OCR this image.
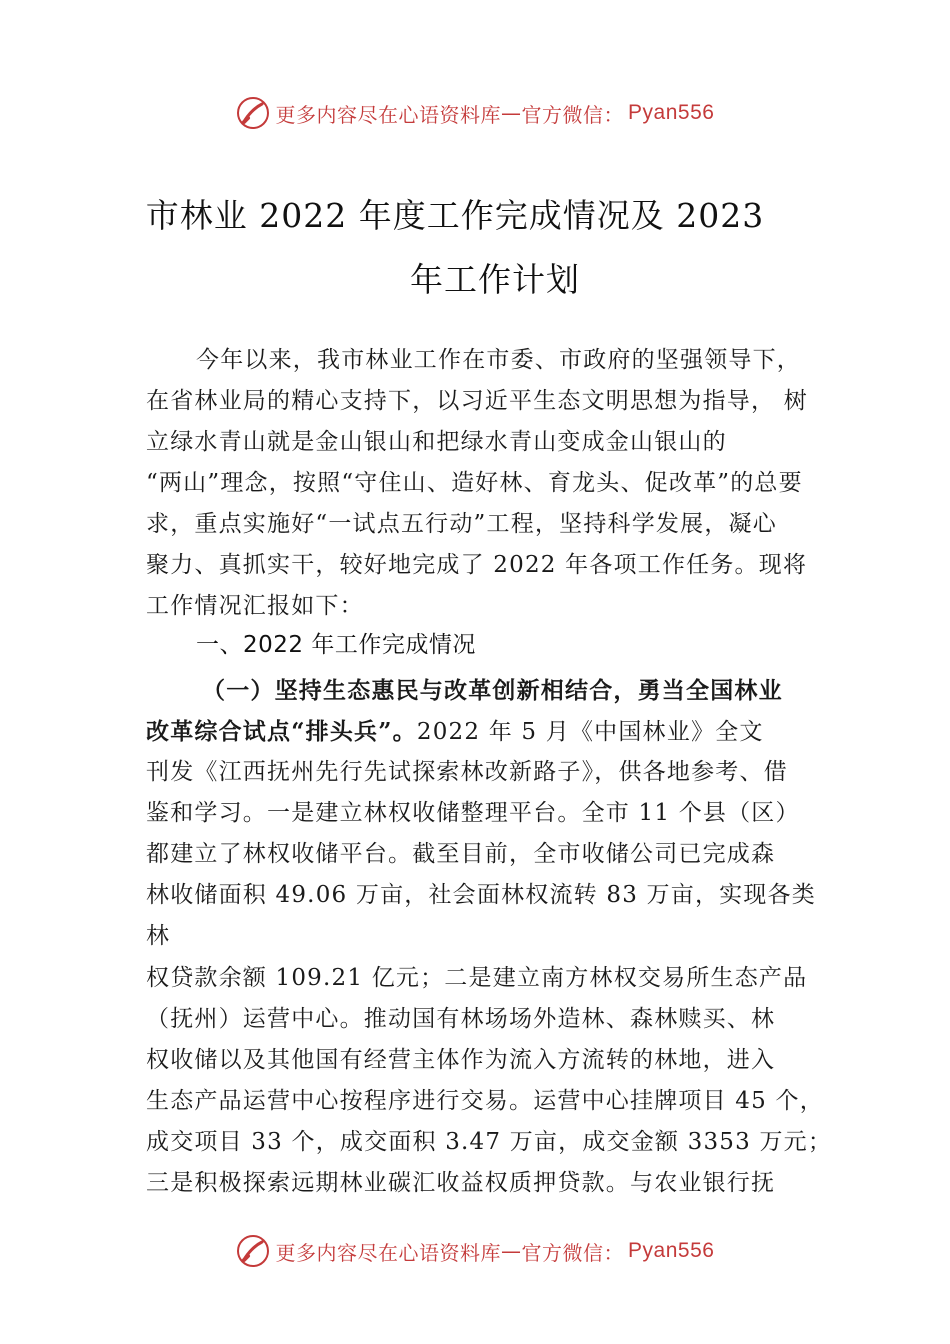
更多内容尽在心语资料库 — 官方微信： Pyan556
市林业 2022 年度工作完成情况及 2023
年工作计划
今年以来，我市林业工作在市委、市政府的坚强领导下，
在省林业局的精心支持下，以习近平生态文明思想为指导， 树
立绿水青山就是金山银山和把绿水青山变成金山银山的
“两山”理念，按照“守住山、造好林、育龙头、促改革”的总要
求，重点实施好“一试点五行动”工程，坚持科学发展，凝心
聚力、真抓实干，较好地完成了 2022 年各项工作任务。现将
工作情况汇报如下：
一、2022 年工作完成情况
（一）坚持生态惠民与改革创新相结合，勇当全国林业
改革综合试点“排头兵”。2022 年 5 月《中国林业》全文
刊发《江西抚州先行先试探索林改新路子》，供各地参考、借
鉴和学习。一是建立林权收储整理平台。全市 11 个县（区）
都建立了林权收储平台。截至目前，全市收储公司已完成森
林收储面积 49.06 万亩，社会面林权流转 83 万亩，实现各类
林
权贷款余额 109.21 亿元；二是建立南方林权交易所生态产品
（抚州）运营中心。推动国有林场场外造林、森林赎买、林
权收储以及其他国有经营主体作为流入方流转的林地，进入
生态产品运营中心按程序进行交易。运营中心挂牌项目 45 个，
成交项目 33 个，成交面积 3.47 万亩，成交金额 3353 万元；
三是积极探索远期林业碳汇收益权质押贷款。与农业银行抚
更多内容尽在心语资料库 — 官方微信： Pyan556
